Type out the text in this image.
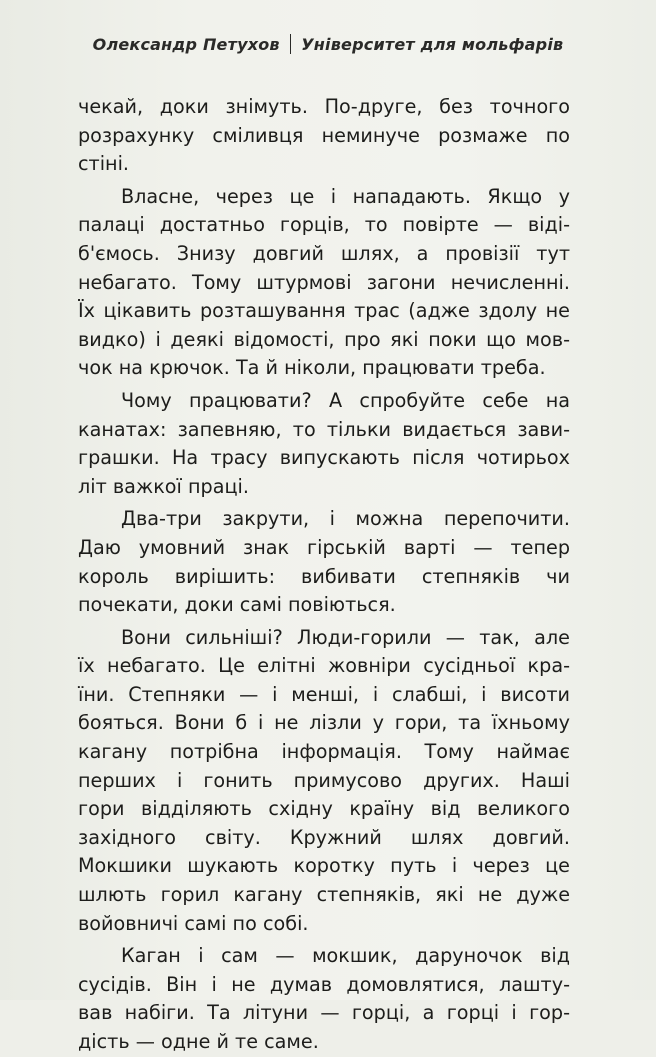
Олександр Петухов Університет для мольфарів
чекай, доки знімуть. По-друге, без точного
розрахунку сміливця неминуче розмаже по
стіні.
Власне, через це і нападають. Якщо у
палаці достатньо горців, то повірте — віді-
б'ємось. Знизу довгий шлях, а провізії тут
небагато. Тому штурмові загони нечисленні.
Їх цікавить розташування трас (адже здолу не
видко) і деякі відомості, про які поки що мов-
чок на крючок. Та й ніколи, працювати треба.
Чому працювати? А спробуйте себе на
канатах: запевняю, то тільки видається зави-
грашки. На трасу випускають після чотирьох
літ важкої праці.
Два-три закрути, і можна перепочити.
Даю умовний знак гірській варті — тепер
король вирішить: вибивати степняків чи
почекати, доки самі повіються.
Вони сильніші? Люди-горили — так, але
їх небагато. Це елітні жовніри сусідньої кра-
їни. Степняки — і менші, і слабші, і висоти
бояться. Вони б і не лізли у гори, та їхньому
кагану потрібна інформація. Тому наймає
перших і гонить примусово других. Наші
гори відділяють східну країну від великого
західного світу. Кружний шлях довгий.
Мокшики шукають коротку путь і через це
шлють горил кагану степняків, які не дуже
войовничі самі по собі.
Каган і сам — мокшик, даруночок від
сусідів. Він і не думав домовлятися, лашту-
вав набіги. Та літуни — горці, а горці і гор-
дість — одне й те саме.
